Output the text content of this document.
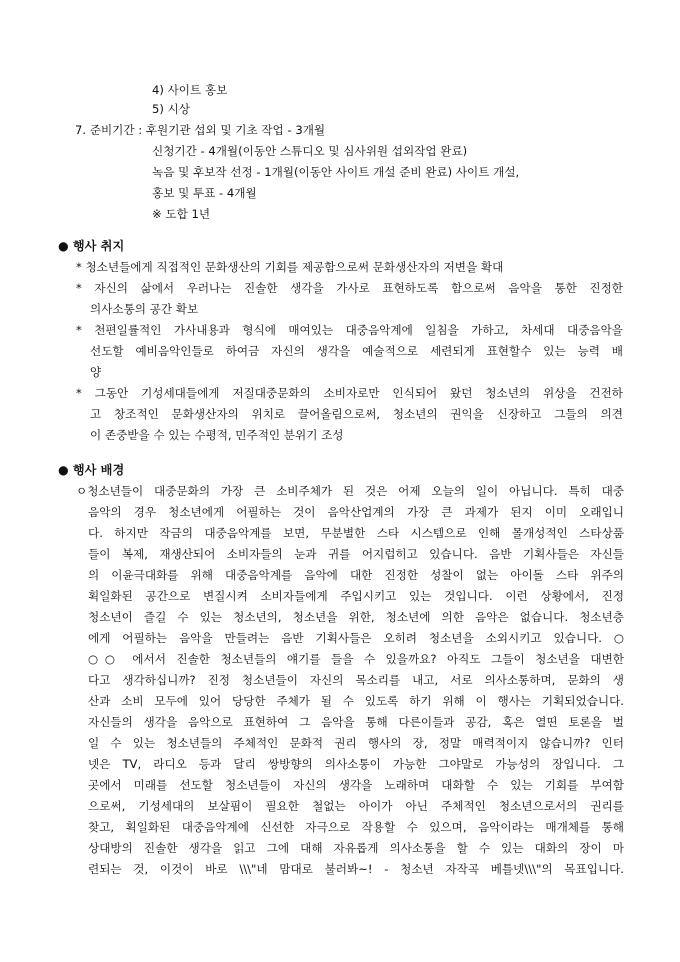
4) 사이트 홍보
5) 시상
7. 준비기간 : 후원기관 섭외 및 기초 작업 - 3개월
신청기간 - 4개월(이동안 스튜디오 및 심사위원 섭외작업 완료)
녹음 및 후보작 선정 - 1개월(이동안 사이트 개설 준비 완료) 사이트 개설,
홍보 및 투표 - 4개월
※ 도합 1년
● 행사 취지
* 청소년들에게 직접적인 문화생산의 기회를 제공함으로써 문화생산자의 저변을 확대
* 자신의 삶에서 우러나는 진솔한 생각을 가사로 표현하도록 함으로써 음악을 통한 진정한
의사소통의 공간 확보
* 천편일률적인 가사내용과 형식에 매여있는 대중음악계에 일침을 가하고, 차세대 대중음악을
선도할 예비음악인들로 하여금 자신의 생각을 예술적으로 세련되게 표현할수 있는 능력 배
양
* 그동안 기성세대들에게 저질대중문화의 소비자로만 인식되어 왔던 청소년의 위상을 건전하
고 창조적인 문화생산자의 위치로 끌어올림으로써, 청소년의 권익을 신장하고 그들의 의견
이 존중받을 수 있는 수평적, 민주적인 분위기 조성
● 행사 배경
ㅇ청소년들이 대중문화의 가장 큰 소비주체가 된 것은 어제 오늘의 일이 아닙니다. 특히 대중
음악의 경우 청소년에게 어필하는 것이 음악산업계의 가장 큰 과제가 된지 이미 오래입니
다. 하지만 작금의 대중음악계를 보면, 무분별한 스타 시스템으로 인해 몰개성적인 스타상품
들이 복제, 재생산되어 소비자들의 눈과 귀를 어지럽히고 있습니다. 음반 기획사들은 자신들
의 이윤극대화를 위해 대중음악계를 음악에 대한 진정한 성찰이 없는 아이돌 스타 위주의
획일화된 공간으로 변질시켜 소비자들에게 주입시키고 있는 것입니다. 이런 상황에서, 진정
청소년이 즐길 수 있는 청소년의, 청소년을 위한, 청소년에 의한 음악은 없습니다. 청소년층
에게 어필하는 음악을 만들려는 음반 기획사들은 오히려 청소년을 소외시키고 있습니다. ○
○○ 에서서 진솔한 청소년들의 얘기를 들을 수 있을까요? 아직도 그들이 청소년을 대변한
다고 생각하십니까? 진정 청소년들이 자신의 목소리를 내고, 서로 의사소통하며, 문화의 생
산과 소비 모두에 있어 당당한 주체가 될 수 있도록 하기 위해 이 행사는 기획되었습니다.
자신들의 생각을 음악으로 표현하여 그 음악을 통해 다른이들과 공감, 혹은 열띤 토론을 벌
일 수 있는 청소년들의 주체적인 문화적 권리 행사의 장, 정말 매력적이지 않습니까? 인터
넷은 TV, 라디오 등과 달리 쌍방향의 의사소통이 가능한 그야말로 가능성의 장입니다. 그
곳에서 미래를 선도할 청소년들이 자신의 생각을 노래하며 대화할 수 있는 기회를 부여함
으로써, 기성세대의 보살핌이 필요한 철없는 아이가 아닌 주체적인 청소년으로서의 권리를
찾고, 획일화된 대중음악계에 신선한 자극으로 작용할 수 있으며, 음악이라는 매개체를 통해
상대방의 진솔한 생각을 읽고 그에 대해 자유롭게 의사소통을 할 수 있는 대화의 장이 마
련되는 것, 이것이 바로 \\\"네 맘대로 불러봐~! - 청소년 자작곡 베틀넷\\\"의 목표입니다.
